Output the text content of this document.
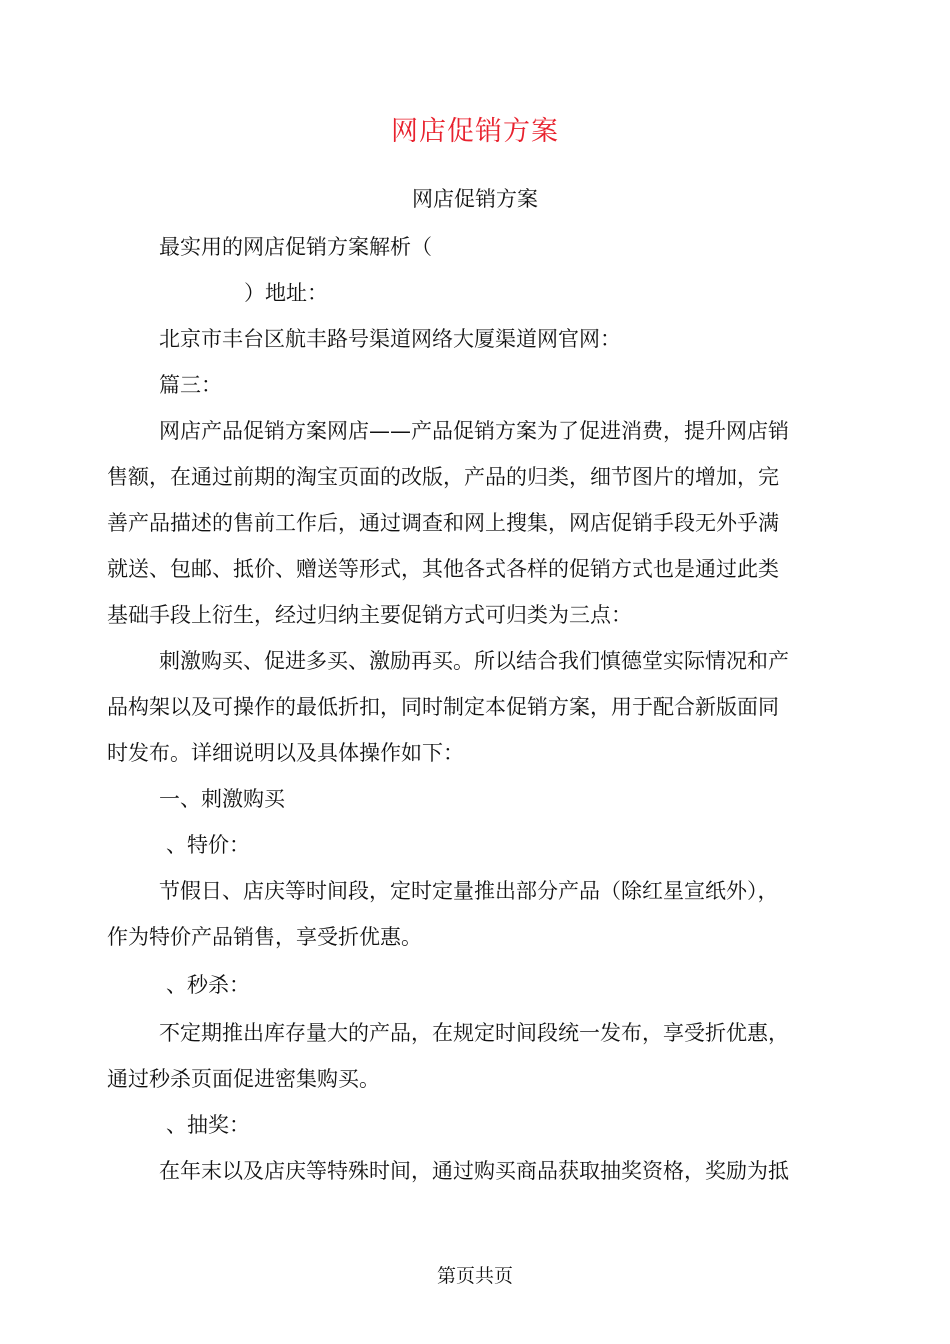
网店促销方案
网店促销方案
最实用的网店促销方案解析（
）地址：
北京市丰台区航丰路号渠道网络大厦渠道网官网：
篇三：
网店产品促销方案网店——产品促销方案为了促进消费，提升网店销
售额，在通过前期的淘宝页面的改版，产品的归类，细节图片的增加，完
善产品描述的售前工作后，通过调查和网上搜集，网店促销手段无外乎满
就送、包邮、抵价、赠送等形式，其他各式各样的促销方式也是通过此类
基础手段上衍生，经过归纳主要促销方式可归类为三点：
刺激购买、促进多买、激励再买。所以结合我们慎德堂实际情况和产
品构架以及可操作的最低折扣，同时制定本促销方案，用于配合新版面同
时发布。详细说明以及具体操作如下：
一、刺激购买
、特价：
节假日、店庆等时间段，定时定量推出部分产品（除红星宣纸外），
作为特价产品销售，享受折优惠。
、秒杀：
不定期推出库存量大的产品，在规定时间段统一发布，享受折优惠，
通过秒杀页面促进密集购买。
、抽奖：
在年末以及店庆等特殊时间，通过购买商品获取抽奖资格，奖励为抵
第页共页
